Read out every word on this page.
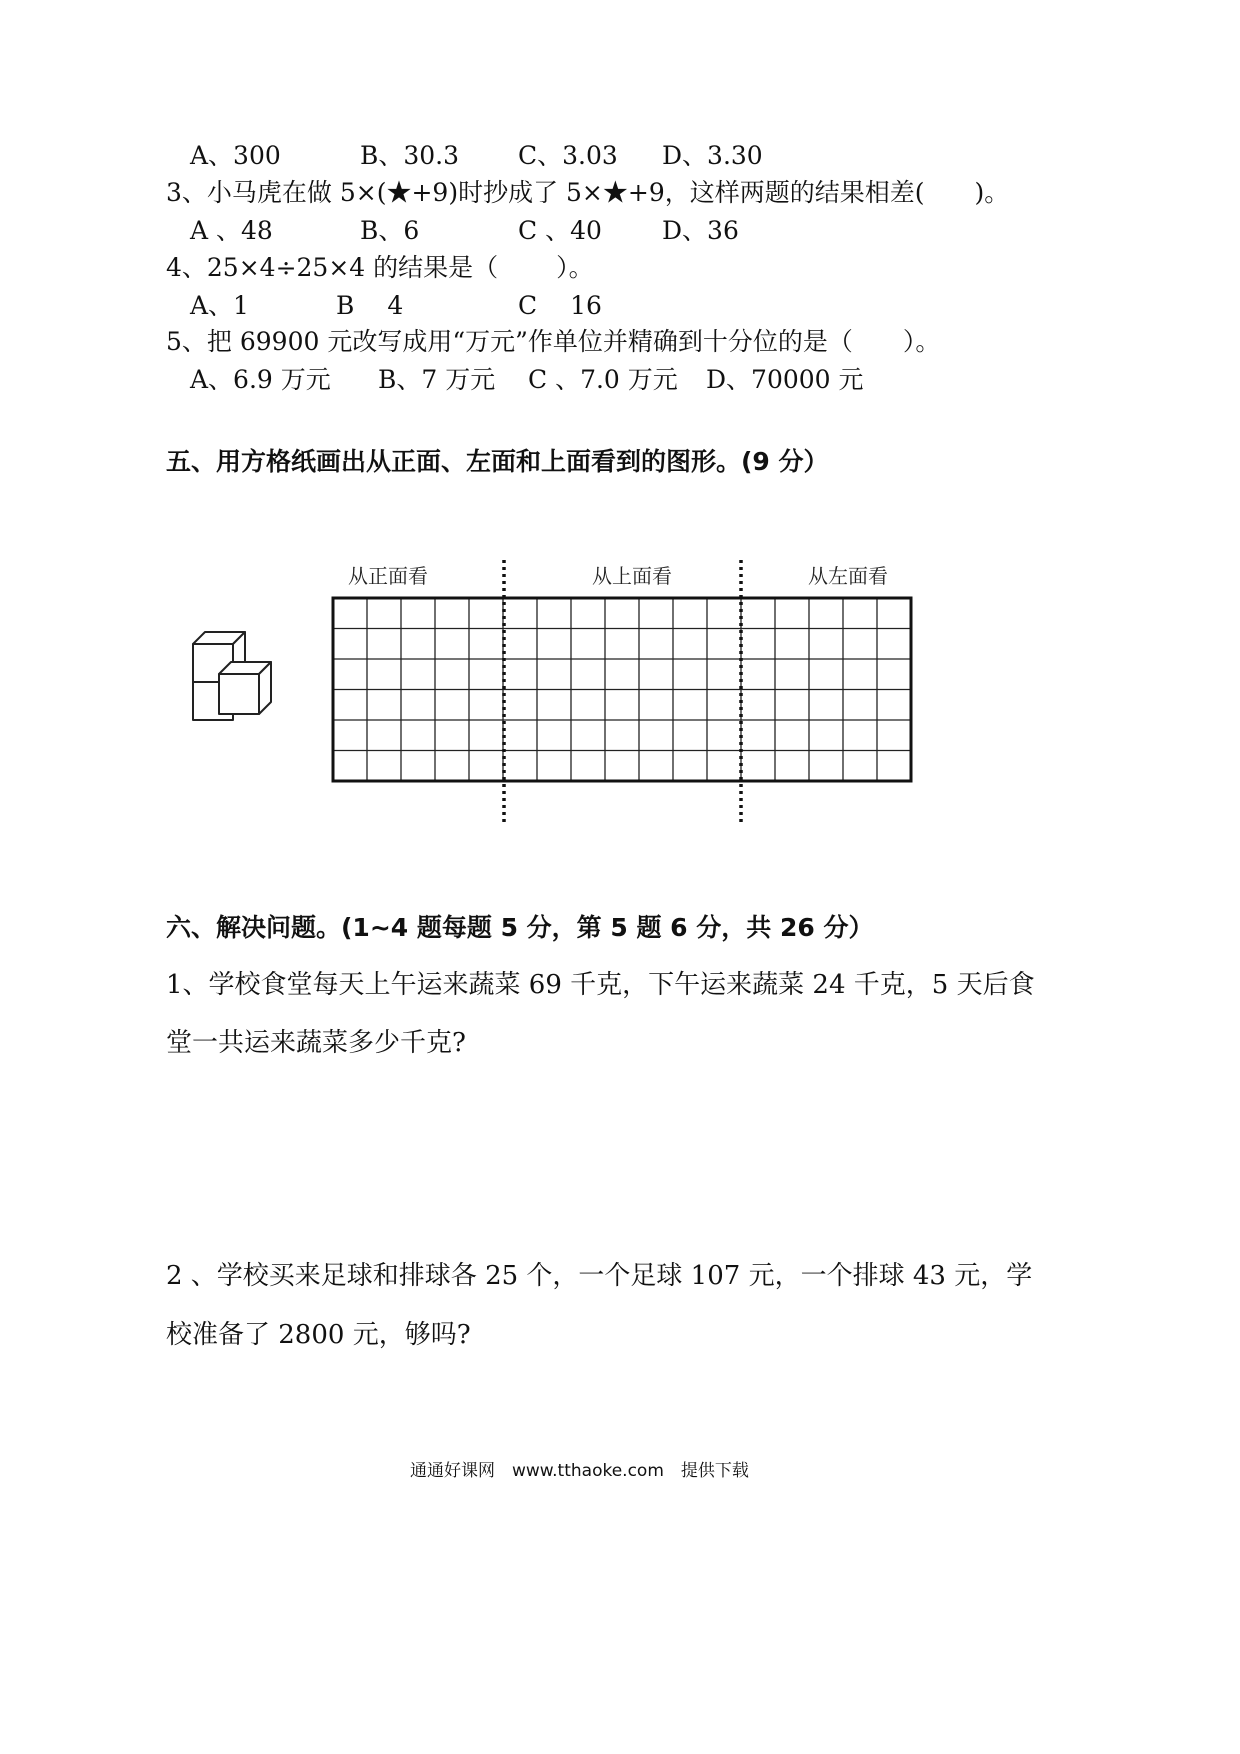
A、300	B、30.3 C、3.03 D、3.30
3、小马虎在做 5×(★+9)时抄成了 5×★+9，这样两题的结果相差(　　)。
A 、48	B、6	C 、40 D、36
4、25×4÷25×4 的结果是（　　 ）。
A、1	B　 4	C　 16
5、把 69900 元改写成用“万元”作单位并精确到十分位的是（　　）。
A、6.9 万元 B、7 万元 C 、7.0 万元 D、70000 元
五、用方格纸画出从正面、左面和上面看到的图形。(9 分）
从正面看	从上面看	从左面看
六、解决问题。(1~4 题每题 5 分，第 5 题 6 分，共 26 分）
1、学校食堂每天上午运来蔬菜 69 千克，下午运来蔬菜 24 千克，5 天后食
堂一共运来蔬菜多少千克?
2 、学校买来足球和排球各 25 个，一个足球 107 元，一个排球 43 元，学
校准备了 2800 元，够吗?
通通好课网　www.tthaoke.com　提供下载
